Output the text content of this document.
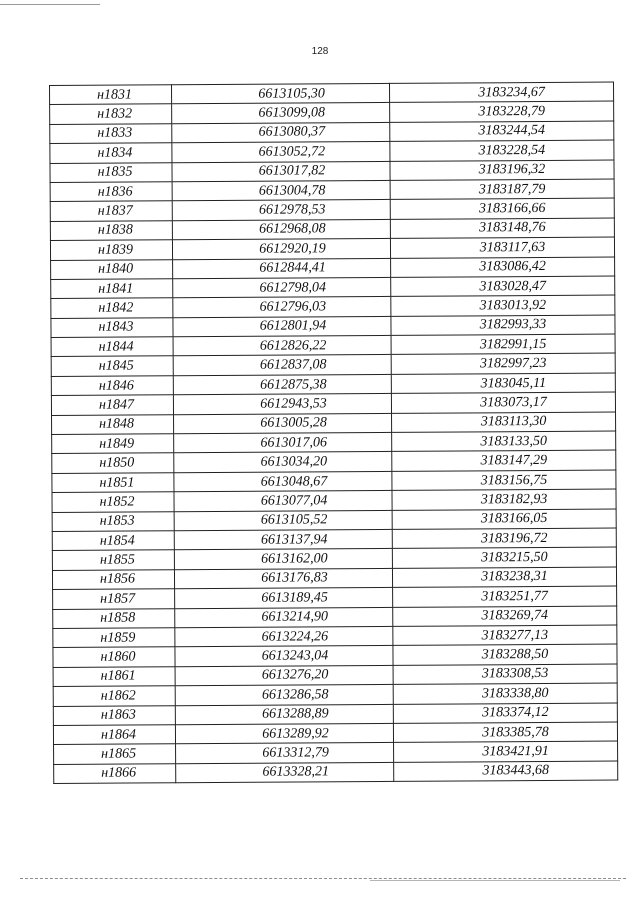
128
н1831	6613105,30	3183234,67
н1832	6613099,08	3183228,79
н1833	6613080,37	3183244,54
н1834	6613052,72	3183228,54
н1835	6613017,82	3183196,32
н1836	6613004,78	3183187,79
н1837	6612978,53	3183166,66
н1838	6612968,08	3183148,76
н1839	6612920,19	3183117,63
н1840	6612844,41	3183086,42
н1841	6612798,04	3183028,47
н1842	6612796,03	3183013,92
н1843	6612801,94	3182993,33
н1844	6612826,22	3182991,15
н1845	6612837,08	3182997,23
н1846	6612875,38	3183045,11
н1847	6612943,53	3183073,17
н1848	6613005,28	3183113,30
н1849	6613017,06	3183133,50
н1850	6613034,20	3183147,29
н1851	6613048,67	3183156,75
н1852	6613077,04	3183182,93
н1853	6613105,52	3183166,05
н1854	6613137,94	3183196,72
н1855	6613162,00	3183215,50
н1856	6613176,83	3183238,31
н1857	6613189,45	3183251,77
н1858	6613214,90	3183269,74
н1859	6613224,26	3183277,13
н1860	6613243,04	3183288,50
н1861	6613276,20	3183308,53
н1862	6613286,58	3183338,80
н1863	6613288,89	3183374,12
н1864	6613289,92	3183385,78
н1865	6613312,79	3183421,91
н1866	6613328,21	3183443,68
